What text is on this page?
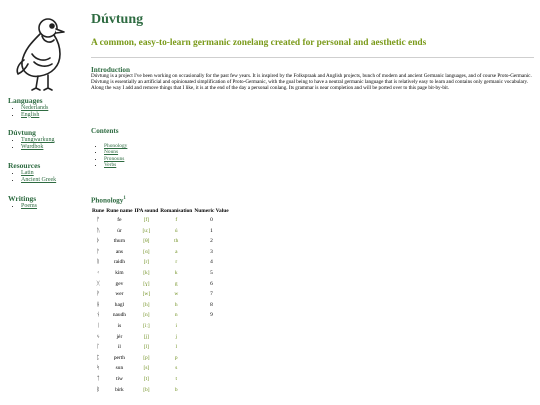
Languages

• Nederlands
• English

Dúvtung

• Tungwarkung
• Wurdbok

Resources

• Latin
• Ancient Greek

Writings

• Poems
Dúvtung
A common, easy-to-learn germanic zonelang created for personal and aesthetic ends
Introduction

Dúvtung is a project I've been working on occasionally for the past few years. It is inspired by the Folkspraak and Anglish projects, bunch of modern and ancient Germanic languages, and of course Proto-Germanic. Dúvtung is essentially an artificial and opinionated simplification of Proto-Germanic, with the goal being to have a neutral germanic language that is relatively easy to learn and contains only germanic vocabulary. Along the way I add and remove things that I like, it is at the end of the day a personal conlang. Its grammar is near completion and will be ported over to this page bit-by-bit.

Contents
• Phonology
• Nouns
• Pronouns
• Verbs
Phonology$^1$
Rune	Rune name	IPA sound	Romanisation	Numeric Value
ᚠ	fe	[f]	f	0
ᚢ	úr	[uː]	ú	1
ᚦ	thurn	[θ]	th	2
ᚨ	ans	[ɑ]	a	3
ᚱ	raidh	[r]	r	4
ᚲ	kim	[k]	k	5
ᚷ	gev	[ɣ]	g	6
ᚹ	wer	[w]	w	7
ᚺ	hagl	[h]	h	8
ᚾ	naudh	[n]	n	9
ᛁ	is	[iː]	i	
ᛃ	jér	[j]	j	
ᛚ	il	[l]	l	
ᛈ	perth	[p]	p	
ᛋ	sun	[s]	s	
ᛏ	tiw	[t]	t	
ᛒ	birk	[b]	b	
